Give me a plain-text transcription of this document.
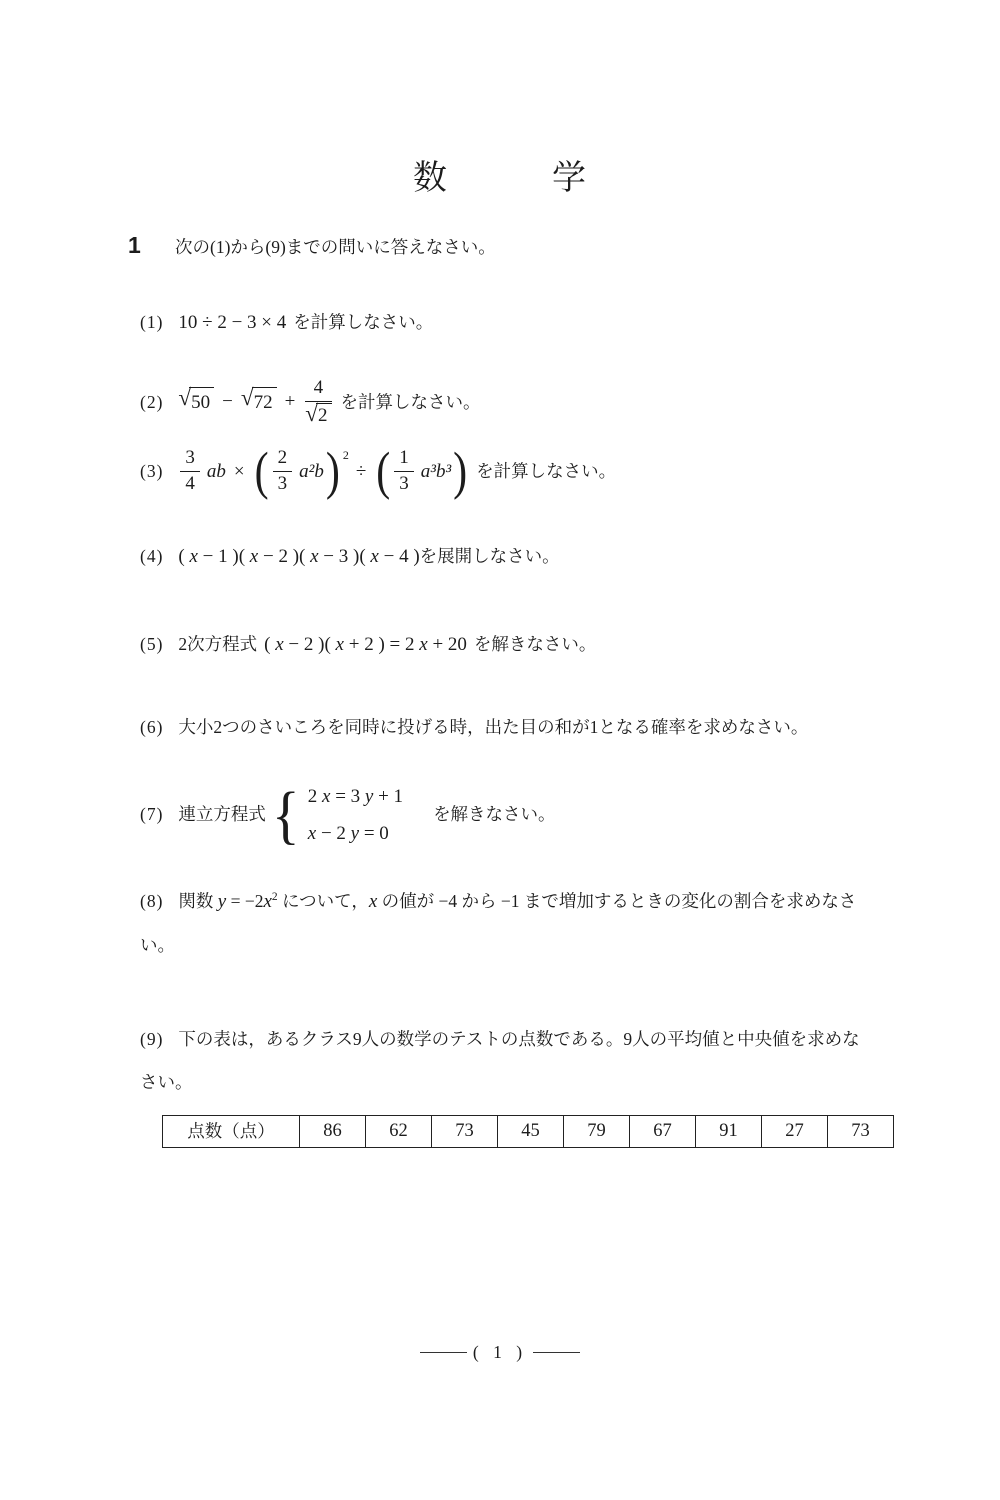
数	学
1	次の(1)から(9)までの問いに答えなさい。
(1) 10 ÷ 2 − 3 × 4 を計算しなさい。
(2) √ 50 − √ $72 + \frac{4}{√ 2}$ を計算しなさい。
$(3) \frac{3}{4}$ ab × ( $\frac{2}{3} a^2b$ ) 2
÷ ( $\frac{1}{3} a^3b^3$ ) を計算しなさい。
(4) ( x − 1 )( x − 2 )( x − 3 )( x − 4 )を展開しなさい。
(5) 2次方程式 ( x − 2 )( x + 2 ) = 2 x + 20 を解きなさい。
(6) 大小2つのさいころを同時に投げる時，出た目の和が1となる確率を求めなさい。
(7) 連立方程式 { 2 x = 3 y + 1
x − 2 y = 0
を解きなさい。
(8) 関数 $y = -2x^2$ について，x の値が −4 から −1 まで増加するときの変化の割合を求めなさ
い。
(9) 下の表は，あるクラス9人の数学のテストの点数である。9人の平均値と中央値を求めな
さい。
点数（点）	86	62	73	45	79	67	91	27	73
( 1 )
